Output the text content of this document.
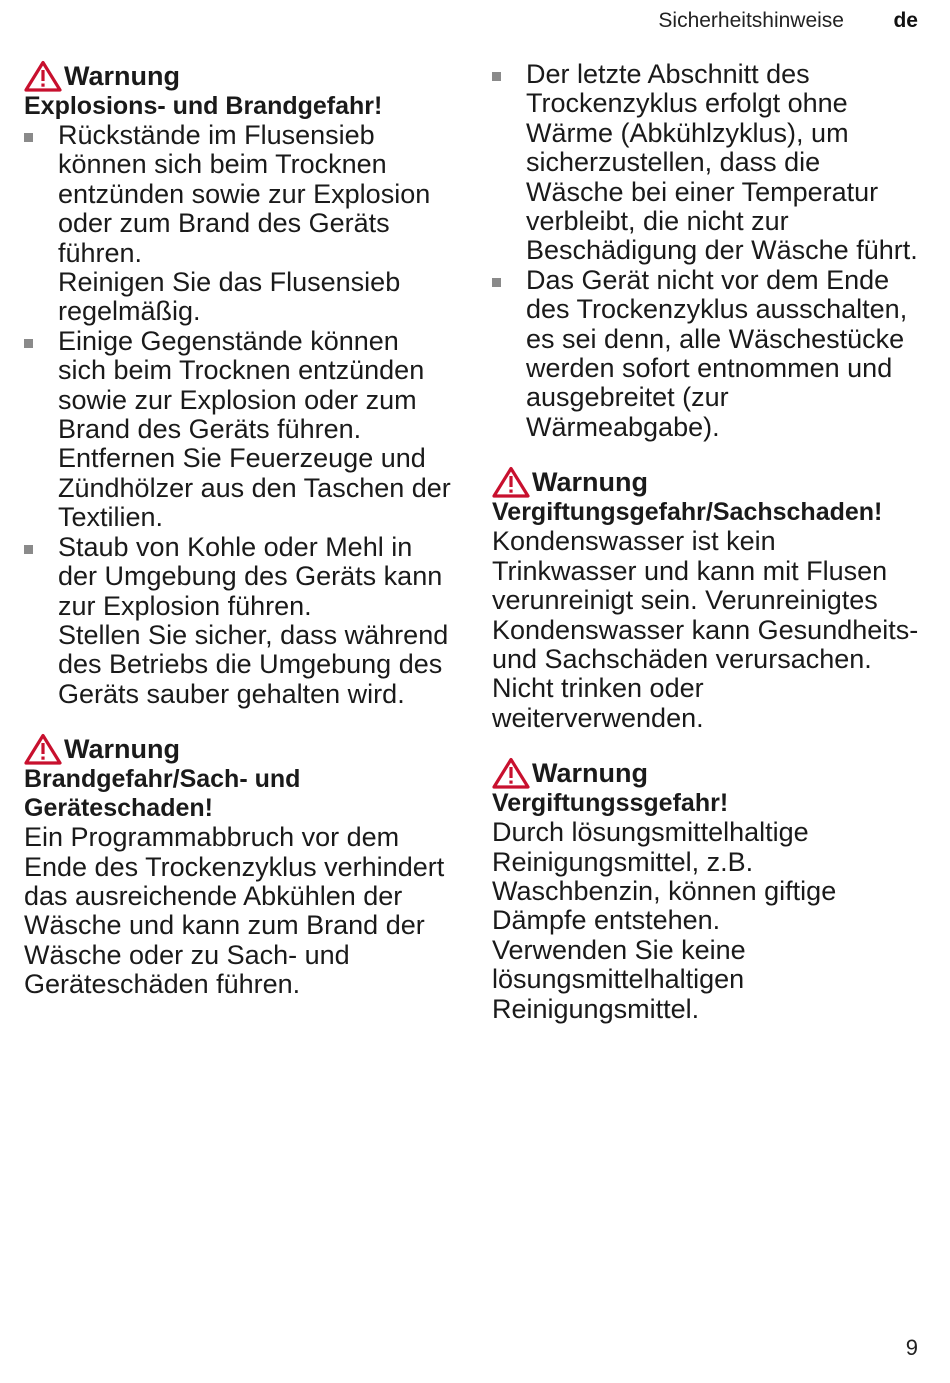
Sicherheitshinweise de
Warnung
Explosions- und Brandgefahr!

Rückstände im Flusensieb können sich beim Trocknen entzünden sowie zur Explosion oder zum Brand des Geräts führen.

Reinigen Sie das Flusensieb regelmäßig.

Einige Gegenstände können sich beim Trocknen entzünden sowie zur Explosion oder zum Brand des Geräts führen.

Entfernen Sie Feuerzeuge und Zündhölzer aus den Taschen der Textilien.

Staub von Kohle oder Mehl in der Umgebung des Geräts kann zur Explosion führen.

Stellen Sie sicher, dass während des Betriebs die Umgebung des Geräts sauber gehalten wird.

Warnung
Brandgefahr/Sach- und Geräteschaden!

Ein Programmabbruch vor dem Ende des Trockenzyklus verhindert das ausreichende Abkühlen der Wäsche und kann zum Brand der Wäsche oder zu Sach- und Geräteschäden führen.

Der letzte Abschnitt des Trockenzyklus erfolgt ohne Wärme (Abkühlzyklus), um sicherzustellen, dass die Wäsche bei einer Temperatur verbleibt, die nicht zur Beschädigung der Wäsche führt.

Das Gerät nicht vor dem Ende des Trockenzyklus ausschalten, es sei denn, alle Wäschestücke werden sofort entnommen und ausgebreitet (zur Wärmeabgabe).

Warnung
Vergiftungsgefahr/Sachschaden!

Kondenswasser ist kein Trinkwasser und kann mit Flusen verunreinigt sein. Verunreinigtes Kondenswasser kann Gesundheits- und Sachschäden verursachen.

Nicht trinken oder weiterverwenden.

Warnung
Vergiftungssgefahr!

Durch lösungsmittelhaltige Reinigungsmittel, z.B. Waschbenzin, können giftige Dämpfe entstehen.

Verwenden Sie keine lösungsmittelhaltigen Reinigungsmittel.

9
